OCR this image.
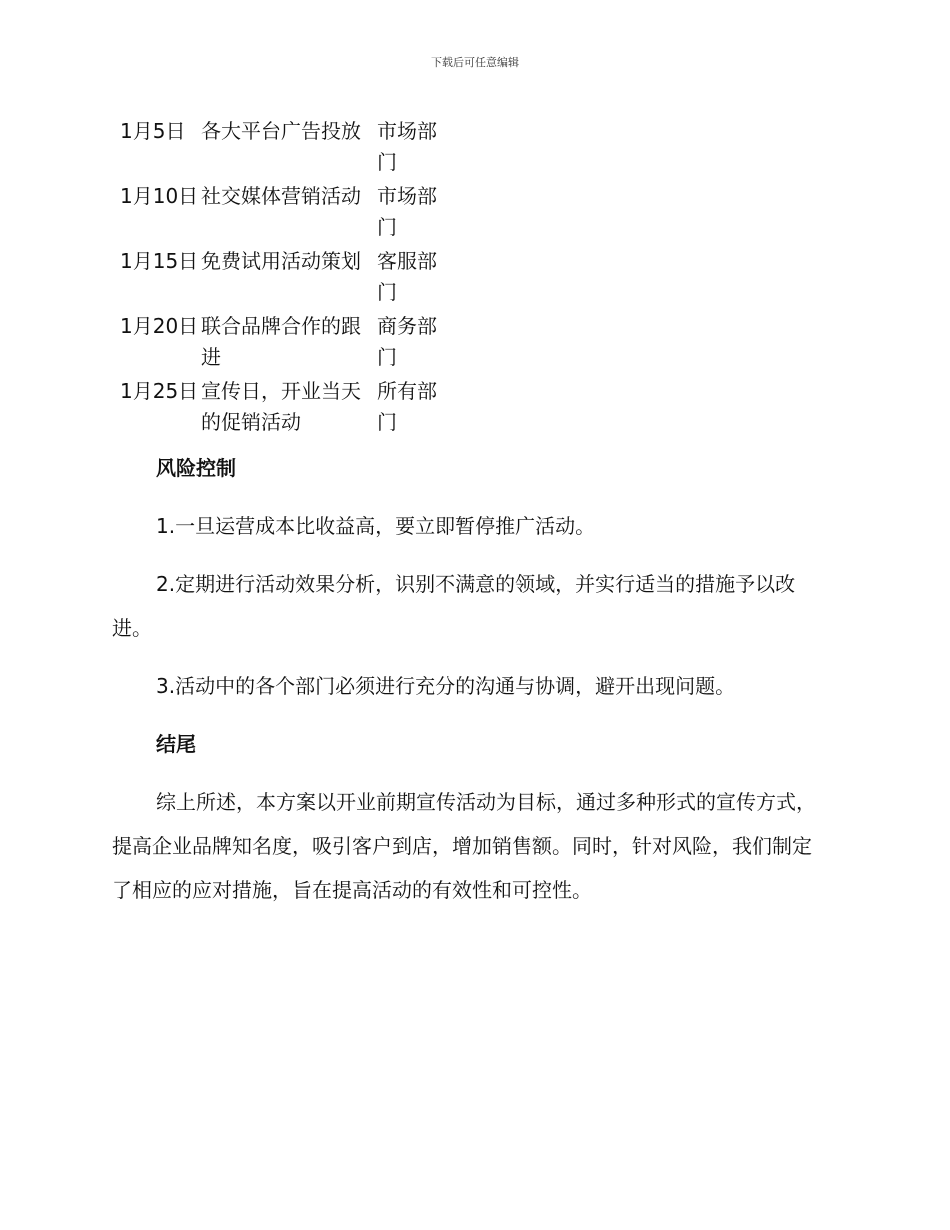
下载后可任意编辑
1月5日	各大平台广告投放	市场部门
1月10日	社交媒体营销活动	市场部门
1月15日	免费试用活动策划	客服部门
1月20日	联合品牌合作的跟进	商务部门
1月25日	宣传日，开业当天的促销活动	所有部门
风险控制

1.一旦运营成本比收益高，要立即暂停推广活动。

2.定期进行活动效果分析，识别不满意的领域，并实行适当的措施予以改进。

3.活动中的各个部门必须进行充分的沟通与协调，避开出现问题。

结尾

综上所述，本方案以开业前期宣传活动为目标，通过多种形式的宣传方式，提高企业品牌知名度，吸引客户到店，增加销售额。同时，针对风险，我们制定了相应的应对措施，旨在提高活动的有效性和可控性。
